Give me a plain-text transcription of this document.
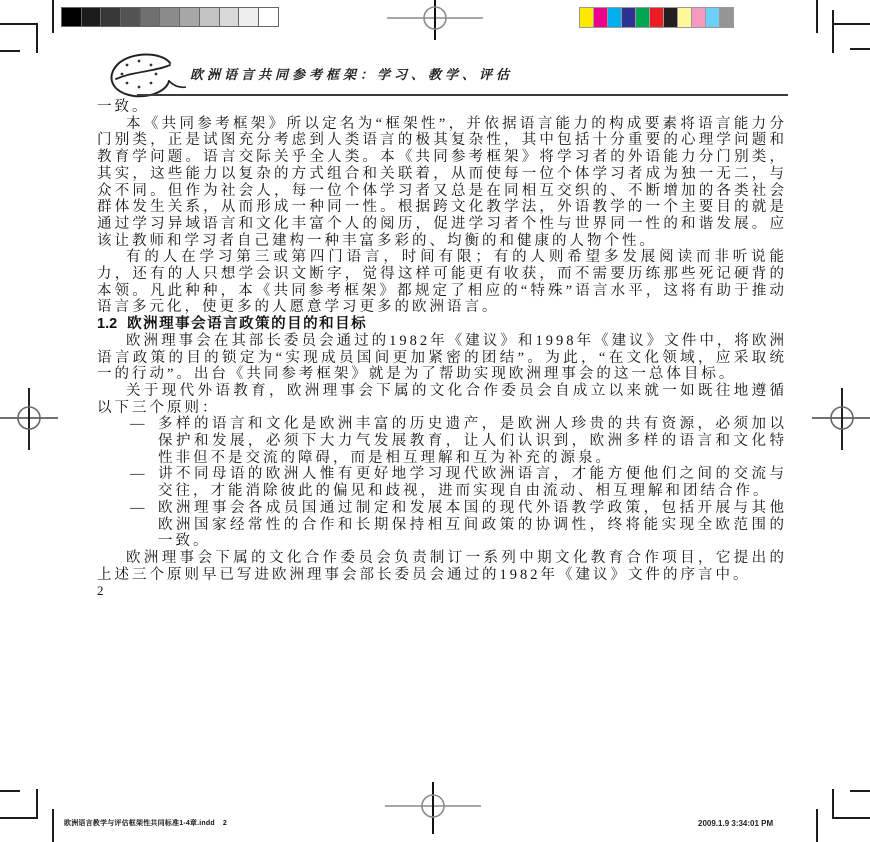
欧洲语言共同参考框架：学习、教学、评估

一致。

本《共同参考框架》所以定名为“框架性”，并依据语言能力的构成要素将语言能力分门别类，正是试图充分考虑到人类语言的极其复杂性，其中包括十分重要的心理学问题和教育学问题。语言交际关乎全人类。本《共同参考框架》将学习者的外语能力分门别类，其实，这些能力以复杂的方式组合和关联着，从而使每一位个体学习者成为独一无二，与众不同。但作为社会人，每一位个体学习者又总是在同相互交织的、不断增加的各类社会群体发生关系，从而形成一种同一性。根据跨文化教学法，外语教学的一个主要目的就是通过学习异域语言和文化丰富个人的阅历，促进学习者个性与世界同一性的和谐发展。应该让教师和学习者自己建构一种丰富多彩的、均衡的和健康的人物个性。

有的人在学习第三或第四门语言，时间有限；有的人则希望多发展阅读而非听说能力，还有的人只想学会识文断字，觉得这样可能更有收获，而不需要历练那些死记硬背的本领。凡此种种，本《共同参考框架》都规定了相应的“特殊”语言水平，这将有助于推动语言多元化，使更多的人愿意学习更多的欧洲语言。

1.2 欧洲理事会语言政策的目的和目标

欧洲理事会在其部长委员会通过的1982年《建议》和1998年《建议》文件中，将欧洲语言政策的目的锁定为“实现成员国间更加紧密的团结”。为此，“在文化领域，应采取统一的行动”。出台《共同参考框架》就是为了帮助实现欧洲理事会的这一总体目标。

关于现代外语教育，欧洲理事会下属的文化合作委员会自成立以来就一如既往地遵循以下三个原则：

— 多样的语言和文化是欧洲丰富的历史遗产，是欧洲人珍贵的共有资源，必须加以保护和发展，必须下大力气发展教育，让人们认识到，欧洲多样的语言和文化特性非但不是交流的障碍，而是相互理解和互为补充的源泉。
— 讲不同母语的欧洲人惟有更好地学习现代欧洲语言，才能方便他们之间的交流与交往，才能消除彼此的偏见和歧视，进而实现自由流动、相互理解和团结合作。
— 欧洲理事会各成员国通过制定和发展本国的现代外语教学政策，包括开展与其他欧洲国家经常性的合作和长期保持相互间政策的协调性，终将能实现全欧范围的一致。

欧洲理事会下属的文化合作委员会负责制订一系列中期文化教育合作项目，它提出的上述三个原则早已写进欧洲理事会部长委员会通过的1982年《建议》文件的序言中。

2

欧洲语言教学与评估框架性共同标准1-4章.indd 2	2009.1.9 3:34:01 PM
